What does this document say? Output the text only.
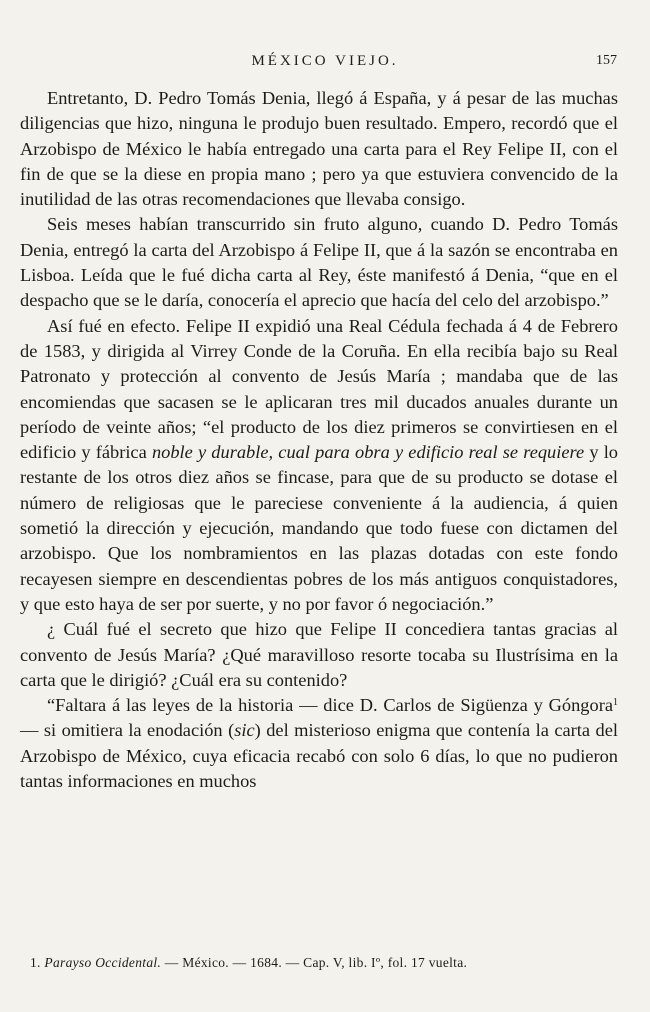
MÉXICO VIEJO.	157

Entretanto, D. Pedro Tomás Denia, llegó á España, y á pesar de las muchas diligencias que hizo, ninguna le produjo buen resultado. Empero, recordó que el Arzobispo de México le había entregado una carta para el Rey Felipe II, con el fin de que se la diese en propia mano ; pero ya que estuviera convencido de la inutilidad de las otras recomendaciones que llevaba consigo.

Seis meses habían transcurrido sin fruto alguno, cuando D. Pedro Tomás Denia, entregó la carta del Arzobispo á Felipe II, que á la sazón se encontraba en Lisboa. Leída que le fué dicha carta al Rey, éste manifestó á Denia, “que en el despacho que se le daría, conocería el aprecio que hacía del celo del arzobispo.”

Así fué en efecto. Felipe II expidió una Real Cédula fechada á 4 de Febrero de 1583, y dirigida al Virrey Conde de la Coruña. En ella recibía bajo su Real Patronato y protección al convento de Jesús María ; mandaba que de las encomiendas que sacasen se le aplicaran tres mil ducados anuales durante un período de veinte años; “el producto de los diez primeros se convirtiesen en el edificio y fábrica noble y durable, cual para obra y edificio real se requiere y lo restante de los otros diez años se fincase, para que de su producto se dotase el número de religiosas que le pareciese conveniente á la audiencia, á quien sometió la dirección y ejecución, mandando que todo fuese con dictamen del arzobispo. Que los nombramientos en las plazas dotadas con este fondo recayesen siempre en descendientas pobres de los más antiguos conquistadores, y que esto haya de ser por suerte, y no por favor ó negociación.”

¿ Cuál fué el secreto que hizo que Felipe II concediera tantas gracias al convento de Jesús María? ¿Qué maravilloso resorte tocaba su Ilustrísima en la carta que le dirigió? ¿Cuál era su contenido?

“Faltara á las leyes de la historia — dice D. Carlos de Sigüenza y Góngora$^1$ — si omitiera la enodación (sic) del misterioso enigma que contenía la carta del Arzobispo de México, cuya eficacia recabó con solo 6 días, lo que no pudieron tantas informaciones en muchos

1. Parayso Occidental. — México. — 1684. — Cap. V, lib. Iº, fol. 17 vuelta.
